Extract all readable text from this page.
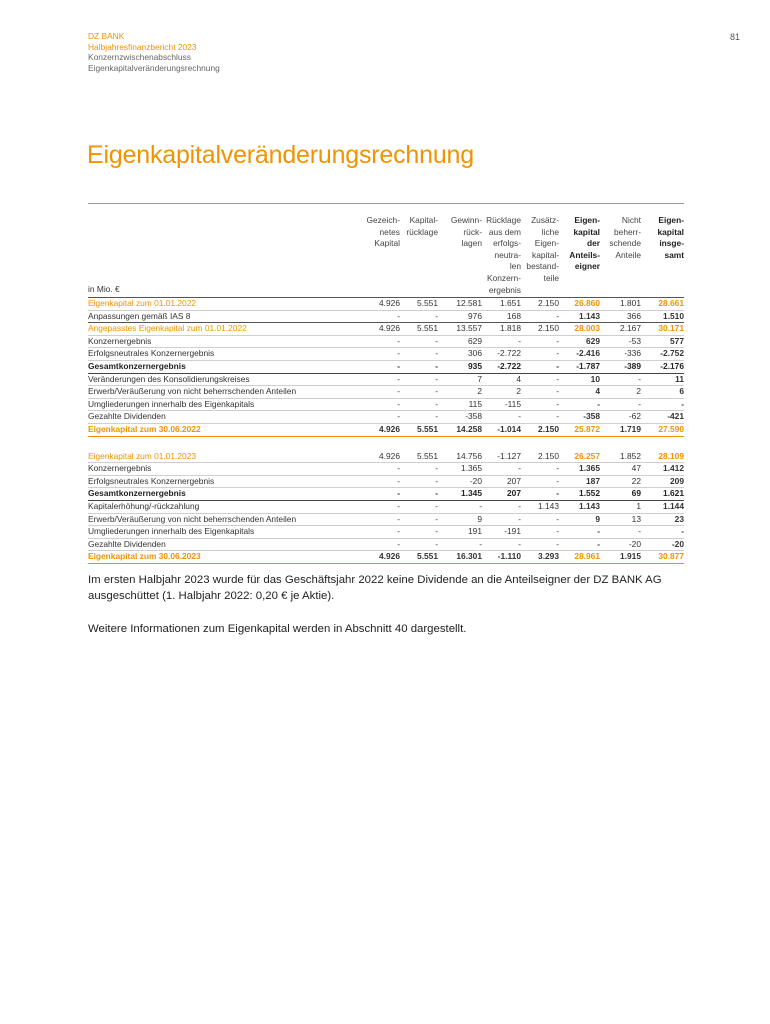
DZ BANK
Halbjahresfinanzbericht 2023
Konzernzwischenabschluss
Eigenkapitalveränderungsrechnung
81
Eigenkapitalveränderungsrechnung
in Mio. €
Gezeich-
netes
Kapital
Kapital-
rücklage
Gewinn-
rück-
lagen
Rücklage
aus dem
erfolgs-
neutra-
len
Konzern-
ergebnis
Zusätz-
liche
Eigen-
kapital-
bestand-
teile
Eigen-
kapital
der
Anteils-
eigner
Nicht
beherr-
schende
Anteile
Eigen-
kapital
insge-
samt
Eigenkapital zum 01.01.2022	4.926	5.551	12.581	1.651	2.150	26.860	1.801	28.661
Anpassungen gemäß IAS 8	-	-	976	168	-	1.143	366	1.510
Angepasstes Eigenkapital zum 01.01.2022	4.926	5.551	13.557	1.818	2.150	28.003	2.167	30.171
Konzernergebnis	-	-	629	-	-	629	-53	577
Erfolgsneutrales Konzernergebnis	-	-	306	-2.722	-	-2.416	-336	-2.752
Gesamtkonzernergebnis	-	-	935	-2.722	-	-1.787	-389	-2.176
Veränderungen des Konsolidierungskreises	-	-	7	4	-	10	-	11
Erwerb/Veräußerung von nicht beherrschenden Anteilen	-	-	2	2	-	4	2	6
Umgliederungen innerhalb des Eigenkapitals	-	-	115	-115	-	-	-	-
Gezahlte Dividenden	-	-	-358	-	-	-358	-62	-421
Eigenkapital zum 30.06.2022	4.926	5.551	14.258	-1.014	2.150	25.872	1.719	27.590
Eigenkapital zum 01.01.2023	4.926	5.551	14.756	-1.127	2.150	26.257	1.852	28.109
Konzernergebnis	-	-	1.365	-	-	1.365	47	1.412
Erfolgsneutrales Konzernergebnis	-	-	-20	207	-	187	22	209
Gesamtkonzernergebnis	-	-	1.345	207	-	1.552	69	1.621
Kapitalerhöhung/-rückzahlung	-	-	-	-	1.143	1.143	1	1.144
Erwerb/Veräußerung von nicht beherrschenden Anteilen	-	-	9	-	-	9	13	23
Umgliederungen innerhalb des Eigenkapitals	-	-	191	-191	-	-	-	-
Gezahlte Dividenden	-	-	-	-	-	-	-20	-20
Eigenkapital zum 30.06.2023	4.926	5.551	16.301	-1.110	3.293	28.961	1.915	30.877
Im ersten Halbjahr 2023 wurde für das Geschäftsjahr 2022 keine Dividende an die Anteilseigner der DZ BANK AG ausgeschüttet (1. Halbjahr 2022: 0,20 € je Aktie).
Weitere Informationen zum Eigenkapital werden in Abschnitt 40 dargestellt.
